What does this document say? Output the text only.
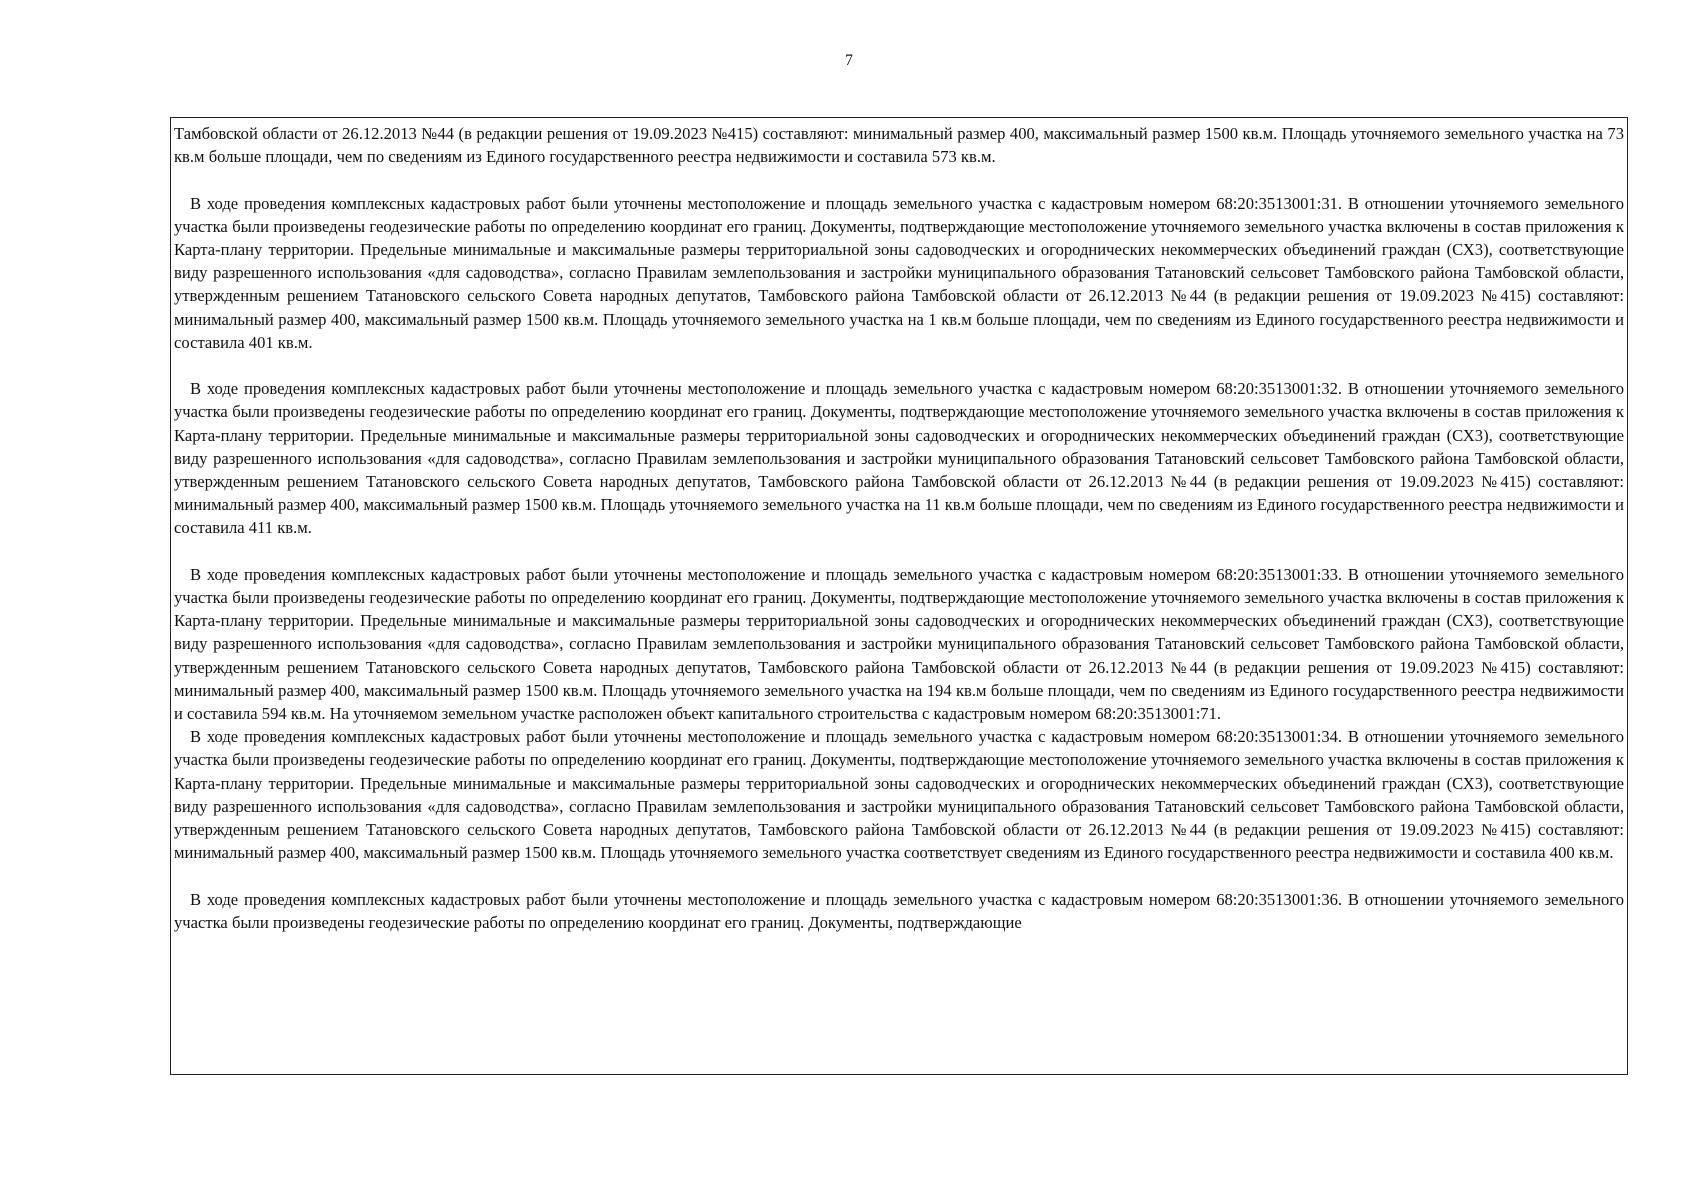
7

Тамбовской области от 26.12.2013 №44 (в редакции решения от 19.09.2023 №415) составляют: минимальный размер 400, максимальный размер 1500 кв.м. Площадь уточняемого земельного участка на 73 кв.м больше площади, чем по сведениям из Единого государственного реестра недвижимости и составила 573 кв.м.

В ходе проведения комплексных кадастровых работ были уточнены местоположение и площадь земельного участка с кадастровым номером 68:20:3513001:31. В отношении уточняемого земельного участка были произведены геодезические работы по определению координат его границ. Документы, подтверждающие местоположение уточняемого земельного участка включены в состав приложения к Карта-плану территории. Предельные минимальные и максимальные размеры территориальной зоны садоводческих и огороднических некоммерческих объединений граждан (СХ3), соответствующие виду разрешенного использования «для садоводства», согласно Правилам землепользования и застройки муниципального образования Татановский сельсовет Тамбовского района Тамбовской области, утвержденным решением Татановского сельского Совета народных депутатов, Тамбовского района Тамбовской области от 26.12.2013 №44 (в редакции решения от 19.09.2023 №415) составляют: минимальный размер 400, максимальный размер 1500 кв.м. Площадь уточняемого земельного участка на 1 кв.м больше площади, чем по сведениям из Единого государственного реестра недвижимости и составила 401 кв.м.

В ходе проведения комплексных кадастровых работ были уточнены местоположение и площадь земельного участка с кадастровым номером 68:20:3513001:32. В отношении уточняемого земельного участка были произведены геодезические работы по определению координат его границ. Документы, подтверждающие местоположение уточняемого земельного участка включены в состав приложения к Карта-плану территории. Предельные минимальные и максимальные размеры территориальной зоны садоводческих и огороднических некоммерческих объединений граждан (СХ3), соответствующие виду разрешенного использования «для садоводства», согласно Правилам землепользования и застройки муниципального образования Татановский сельсовет Тамбовского района Тамбовской области, утвержденным решением Татановского сельского Совета народных депутатов, Тамбовского района Тамбовской области от 26.12.2013 №44 (в редакции решения от 19.09.2023 №415) составляют: минимальный размер 400, максимальный размер 1500 кв.м. Площадь уточняемого земельного участка на 11 кв.м больше площади, чем по сведениям из Единого государственного реестра недвижимости и составила 411 кв.м.

В ходе проведения комплексных кадастровых работ были уточнены местоположение и площадь земельного участка с кадастровым номером 68:20:3513001:33. В отношении уточняемого земельного участка были произведены геодезические работы по определению координат его границ. Документы, подтверждающие местоположение уточняемого земельного участка включены в состав приложения к Карта-плану территории. Предельные минимальные и максимальные размеры территориальной зоны садоводческих и огороднических некоммерческих объединений граждан (СХ3), соответствующие виду разрешенного использования «для садоводства», согласно Правилам землепользования и застройки муниципального образования Татановский сельсовет Тамбовского района Тамбовской области, утвержденным решением Татановского сельского Совета народных депутатов, Тамбовского района Тамбовской области от 26.12.2013 №44 (в редакции решения от 19.09.2023 №415) составляют: минимальный размер 400, максимальный размер 1500 кв.м. Площадь уточняемого земельного участка на 194 кв.м больше площади, чем по сведениям из Единого государственного реестра недвижимости и составила 594 кв.м. На уточняемом земельном участке расположен объект капитального строительства с кадастровым номером 68:20:3513001:71.

В ходе проведения комплексных кадастровых работ были уточнены местоположение и площадь земельного участка с кадастровым номером 68:20:3513001:34. В отношении уточняемого земельного участка были произведены геодезические работы по определению координат его границ. Документы, подтверждающие местоположение уточняемого земельного участка включены в состав приложения к Карта-плану территории. Предельные минимальные и максимальные размеры территориальной зоны садоводческих и огороднических некоммерческих объединений граждан (СХ3), соответствующие виду разрешенного использования «для садоводства», согласно Правилам землепользования и застройки муниципального образования Татановский сельсовет Тамбовского района Тамбовской области, утвержденным решением Татановского сельского Совета народных депутатов, Тамбовского района Тамбовской области от 26.12.2013 №44 (в редакции решения от 19.09.2023 №415) составляют: минимальный размер 400, максимальный размер 1500 кв.м. Площадь уточняемого земельного участка соответствует сведениям из Единого государственного реестра недвижимости и составила 400 кв.м.

В ходе проведения комплексных кадастровых работ были уточнены местоположение и площадь земельного участка с кадастровым номером 68:20:3513001:36. В отношении уточняемого земельного участка были произведены геодезические работы по определению координат его границ. Документы, подтверждающие
